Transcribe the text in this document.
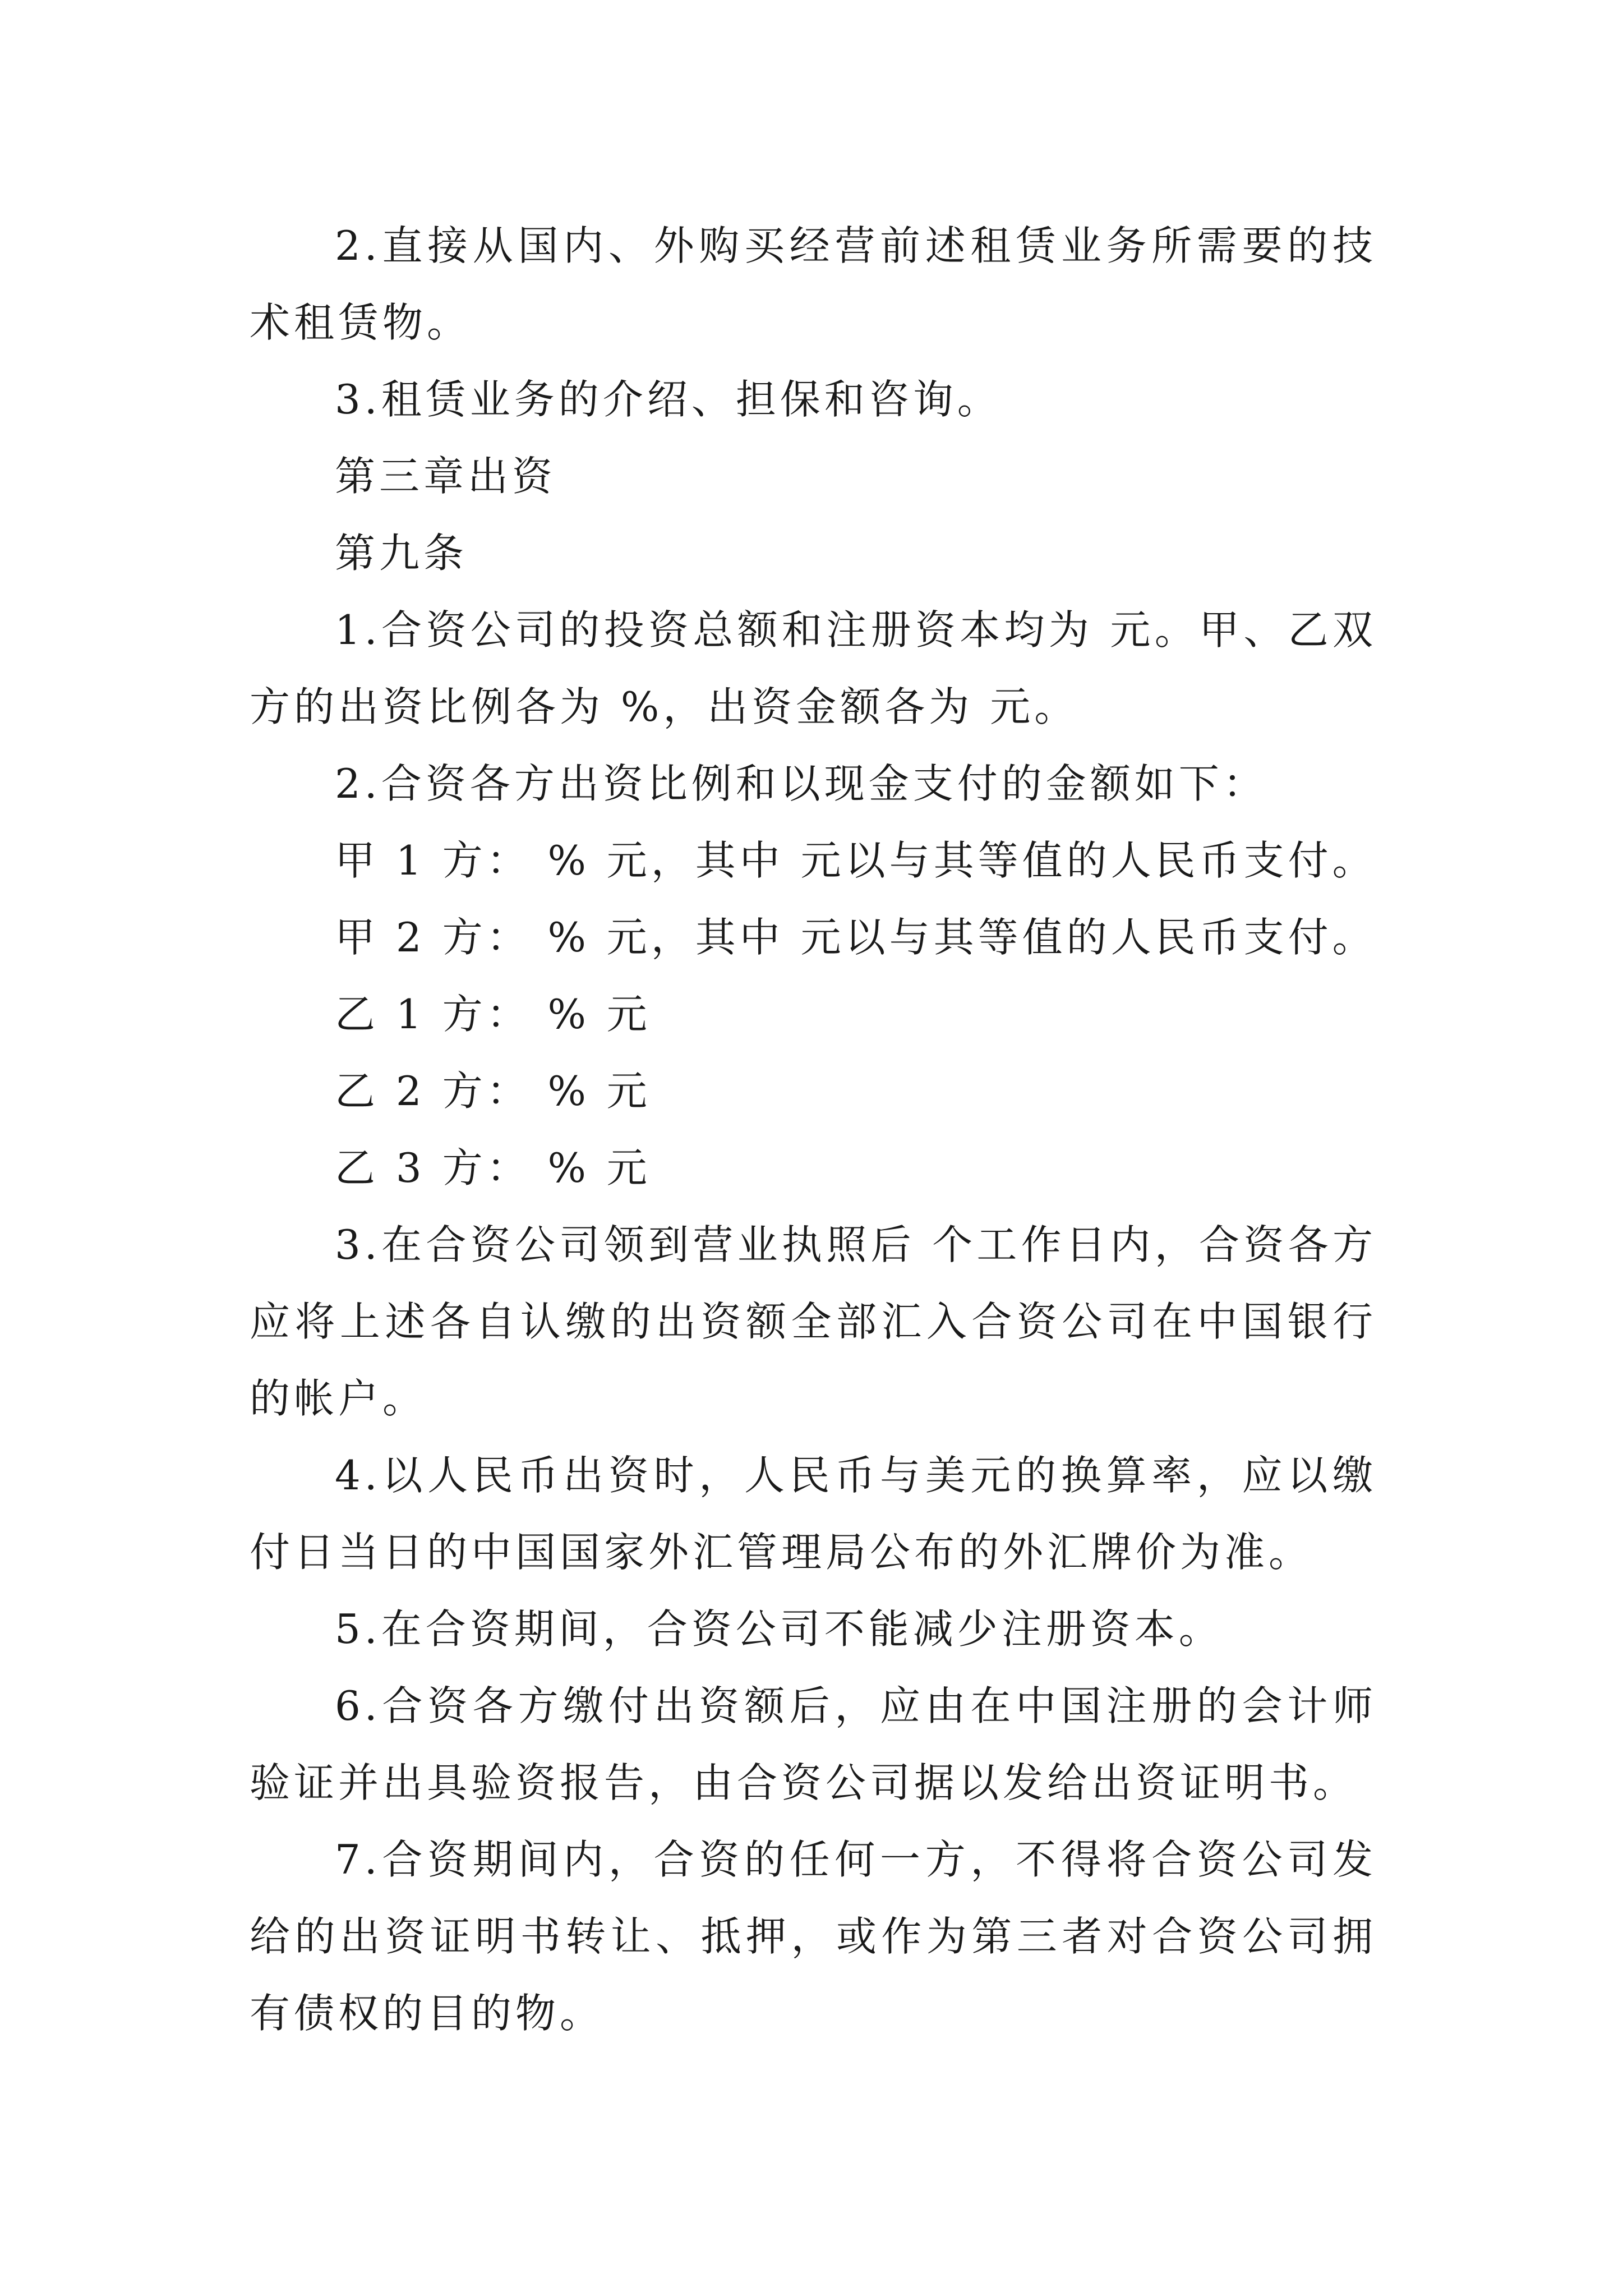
2.直接从国内、外购买经营前述租赁业务所需要的技术租赁物。

3.租赁业务的介绍、担保和咨询。

第三章出资

第九条

1.合资公司的投资总额和注册资本均为 元。甲、乙双方的出资比例各为 %，出资金额各为 元。

2.合资各方出资比例和以现金支付的金额如下：

甲 1 方： % 元，其中 元以与其等值的人民币支付。

甲 2 方： % 元，其中 元以与其等值的人民币支付。

乙 1 方： % 元

乙 2 方： % 元

乙 3 方： % 元

3.在合资公司领到营业执照后 个工作日内，合资各方应将上述各自认缴的出资额全部汇入合资公司在中国银行的帐户。

4.以人民币出资时，人民币与美元的换算率，应以缴付日当日的中国国家外汇管理局公布的外汇牌价为准。

5.在合资期间，合资公司不能减少注册资本。

6.合资各方缴付出资额后，应由在中国注册的会计师验证并出具验资报告，由合资公司据以发给出资证明书。

7.合资期间内，合资的任何一方，不得将合资公司发给的出资证明书转让、抵押，或作为第三者对合资公司拥有债权的目的物。
